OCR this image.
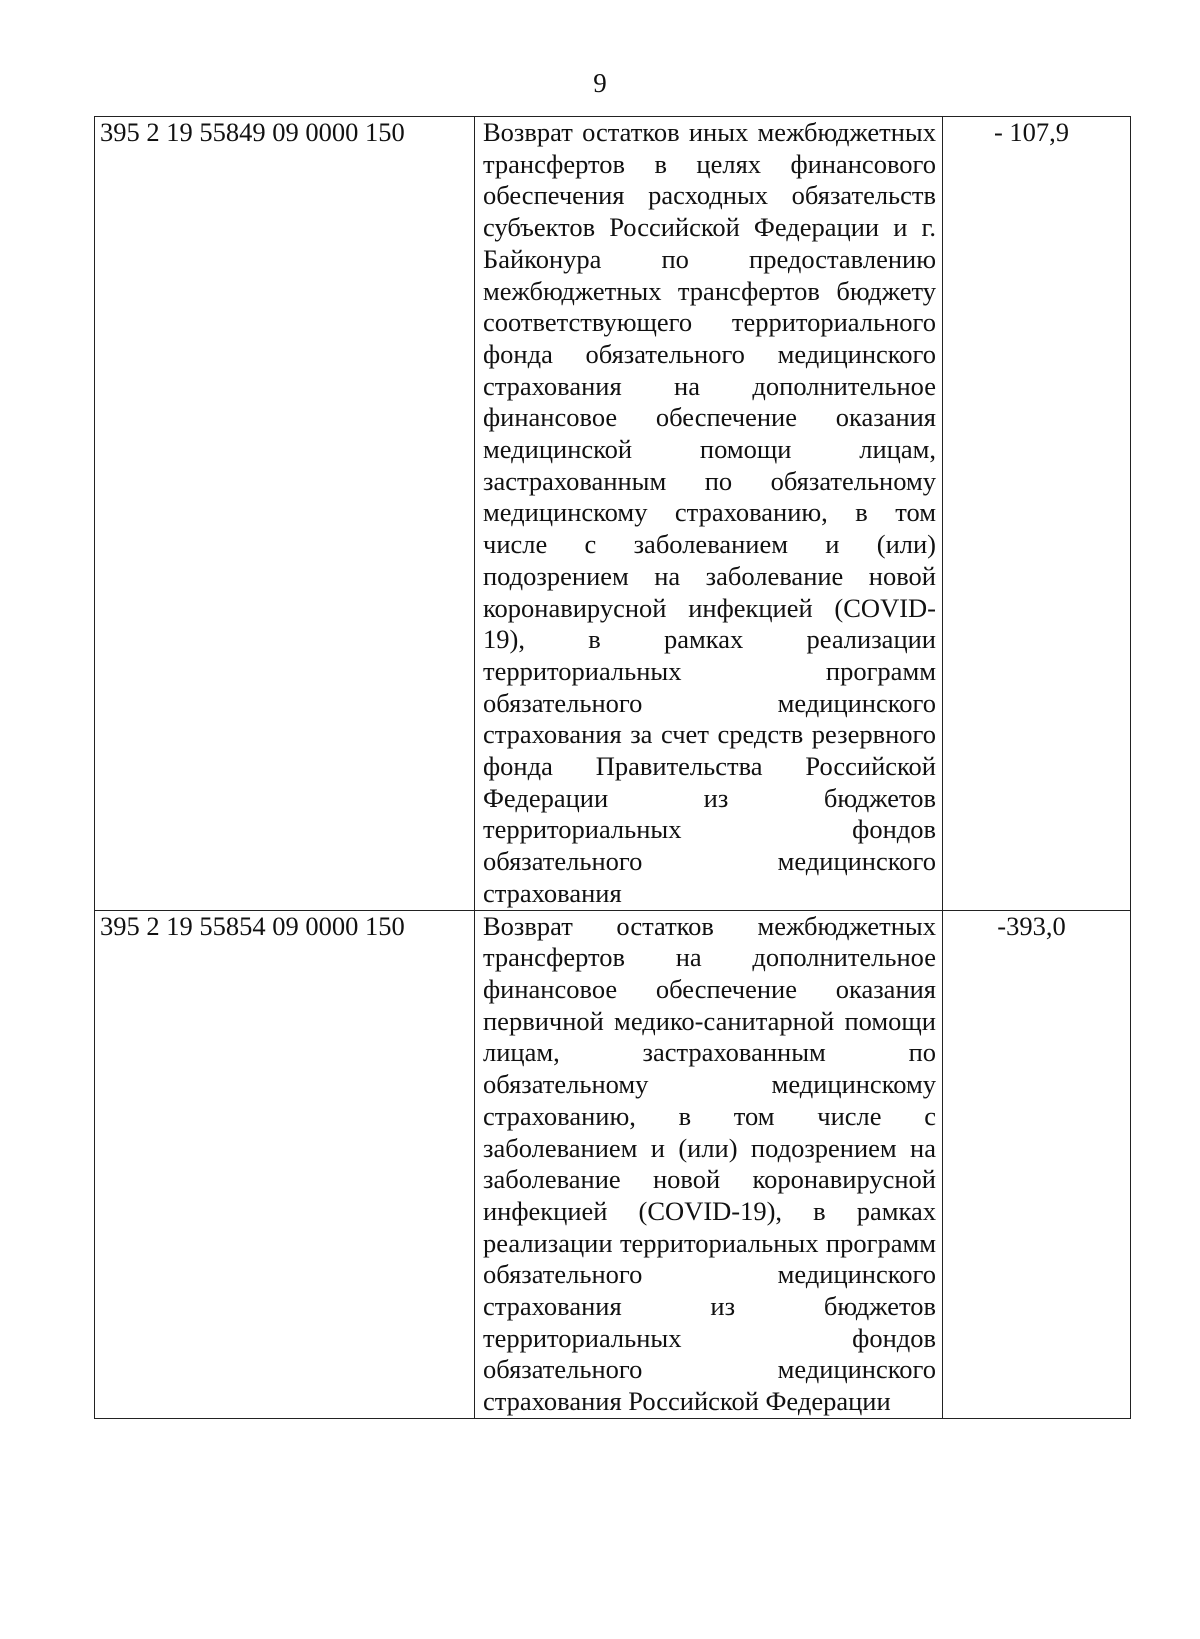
9
395 2 19 55849 09 0000 150	Возврат остатков иных межбюджетных трансфертов в целях финансового обеспечения расходных обязательств субъектов Российской Федерации и г. Байконура по предоставлению межбюджетных трансфертов бюджету соответствующего территориального фонда обязательного медицинского страхования на дополнительное финансовое обеспечение оказания медицинской помощи лицам, застрахованным по обязательному медицинскому страхованию, в том числе с заболеванием и (или) подозрением на заболевание новой коронавирусной инфекцией (COVID-19), в рамках реализации территориальных программ обязательного медицинского страхования за счет средств резервного фонда Правительства Российской Федерации из бюджетов территориальных фондов обязательного медицинского страхования	- 107,9
395 2 19 55854 09 0000 150	Возврат остатков межбюджетных трансфертов на дополнительное финансовое обеспечение оказания первичной медико-санитарной помощи лицам, застрахованным по обязательному медицинскому страхованию, в том числе с заболеванием и (или) подозрением на заболевание новой коронавирусной инфекцией (COVID-19), в рамках реализации территориальных программ обязательного медицинского страхования из бюджетов территориальных фондов обязательного медицинского страхования Российской Федерации	-393,0
